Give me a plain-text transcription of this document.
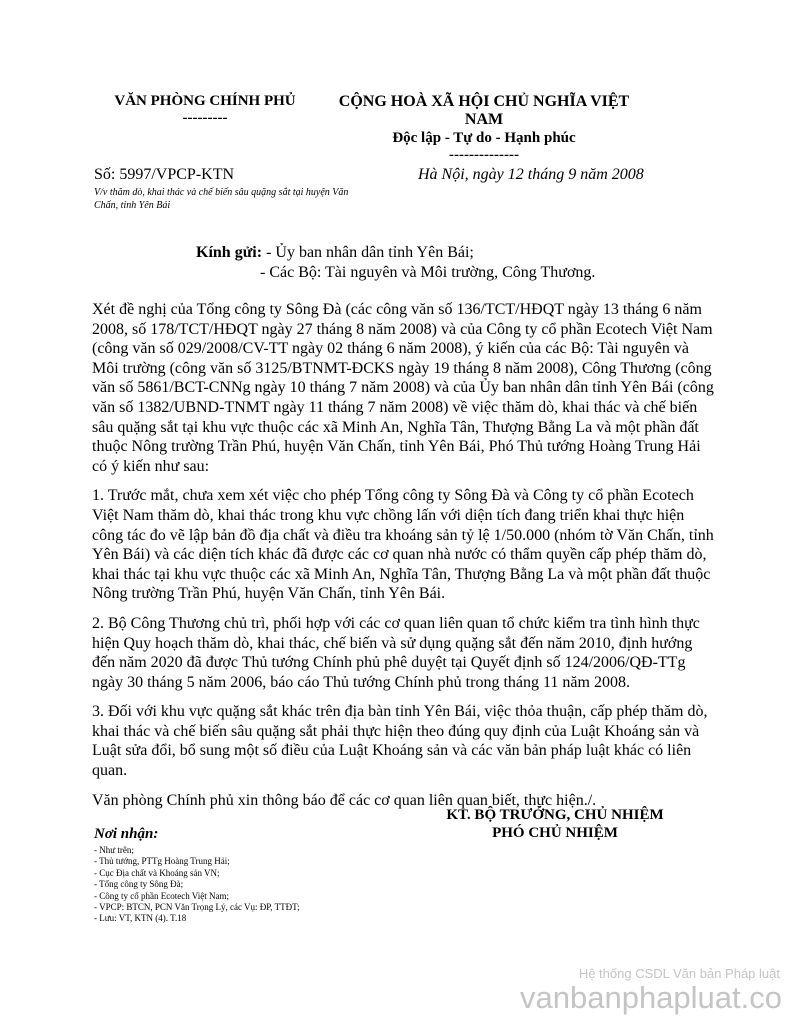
VĂN PHÒNG CHÍNH PHỦ
---------
CỘNG HOÀ XÃ HỘI CHỦ NGHĨA VIỆT
NAM
Độc lập - Tự do - Hạnh phúc
--------------
Số: 5997/VPCP-KTN	Hà Nội, ngày 12 tháng 9 năm 2008
V/v thăm dò, khai thác và chế biến sâu quặng sắt tại huyện Văn Chấn, tỉnh Yên Bái
Kính gửi: - Ủy ban nhân dân tỉnh Yên Bái;
- Các Bộ: Tài nguyên và Môi trường, Công Thương.

Xét đề nghị của Tổng công ty Sông Đà (các công văn số 136/TCT/HĐQT ngày 13 tháng 6 năm 2008, số 178/TCT/HĐQT ngày 27 tháng 8 năm 2008) và của Công ty cổ phần Ecotech Việt Nam (công văn số 029/2008/CV-TT ngày 02 tháng 6 năm 2008), ý kiến của các Bộ: Tài nguyên và Môi trường (công văn số 3125/BTNMT-ĐCKS ngày 19 tháng 8 năm 2008), Công Thương (công văn số 5861/BCT-CNNg ngày 10 tháng 7 năm 2008) và của Ủy ban nhân dân tỉnh Yên Bái (công văn số 1382/UBND-TNMT ngày 11 tháng 7 năm 2008) về việc thăm dò, khai thác và chế biến sâu quặng sắt tại khu vực thuộc các xã Minh An, Nghĩa Tân, Thượng Bằng La và một phần đất thuộc Nông trường Trần Phú, huyện Văn Chấn, tỉnh Yên Bái, Phó Thủ tướng Hoàng Trung Hải có ý kiến như sau:

1. Trước mắt, chưa xem xét việc cho phép Tổng công ty Sông Đà và Công ty cổ phần Ecotech Việt Nam thăm dò, khai thác trong khu vực chồng lấn với diện tích đang triển khai thực hiện công tác đo vẽ lập bản đồ địa chất và điều tra khoáng sản tỷ lệ 1/50.000 (nhóm tờ Văn Chấn, tỉnh Yên Bái) và các diện tích khác đã được các cơ quan nhà nước có thẩm quyền cấp phép thăm dò, khai thác tại khu vực thuộc các xã Minh An, Nghĩa Tân, Thượng Bằng La và một phần đất thuộc Nông trường Trần Phú, huyện Văn Chấn, tỉnh Yên Bái.

2. Bộ Công Thương chủ trì, phối hợp với các cơ quan liên quan tổ chức kiểm tra tình hình thực hiện Quy hoạch thăm dò, khai thác, chế biến và sử dụng quặng sắt đến năm 2010, định hướng đến năm 2020 đã được Thủ tướng Chính phủ phê duyệt tại Quyết định số 124/2006/QĐ-TTg ngày 30 tháng 5 năm 2006, báo cáo Thủ tướng Chính phủ trong tháng 11 năm 2008.

3. Đối với khu vực quặng sắt khác trên địa bàn tỉnh Yên Bái, việc thỏa thuận, cấp phép thăm dò, khai thác và chế biến sâu quặng sắt phải thực hiện theo đúng quy định của Luật Khoáng sản và Luật sửa đổi, bổ sung một số điều của Luật Khoáng sản và các văn bản pháp luật khác có liên quan.

Văn phòng Chính phủ xin thông báo để các cơ quan liên quan biết, thực hiện./.

KT. BỘ TRƯỞNG, CHỦ NHIỆM
PHÓ CHỦ NHIỆM
Nơi nhận:
- Như trên;
- Thủ tướng, PTTg Hoàng Trung Hải;
- Cục Địa chất và Khoáng sản VN;
- Tổng công ty Sông Đà;
- Công ty cổ phần Ecotech Việt Nam;
- VPCP: BTCN, PCN Văn Trọng Lý, các Vụ: ĐP, TTĐT;
- Lưu: VT, KTN (4). T.18
Hệ thống CSDL Văn bản Pháp luật
vanbanphapluat.co
